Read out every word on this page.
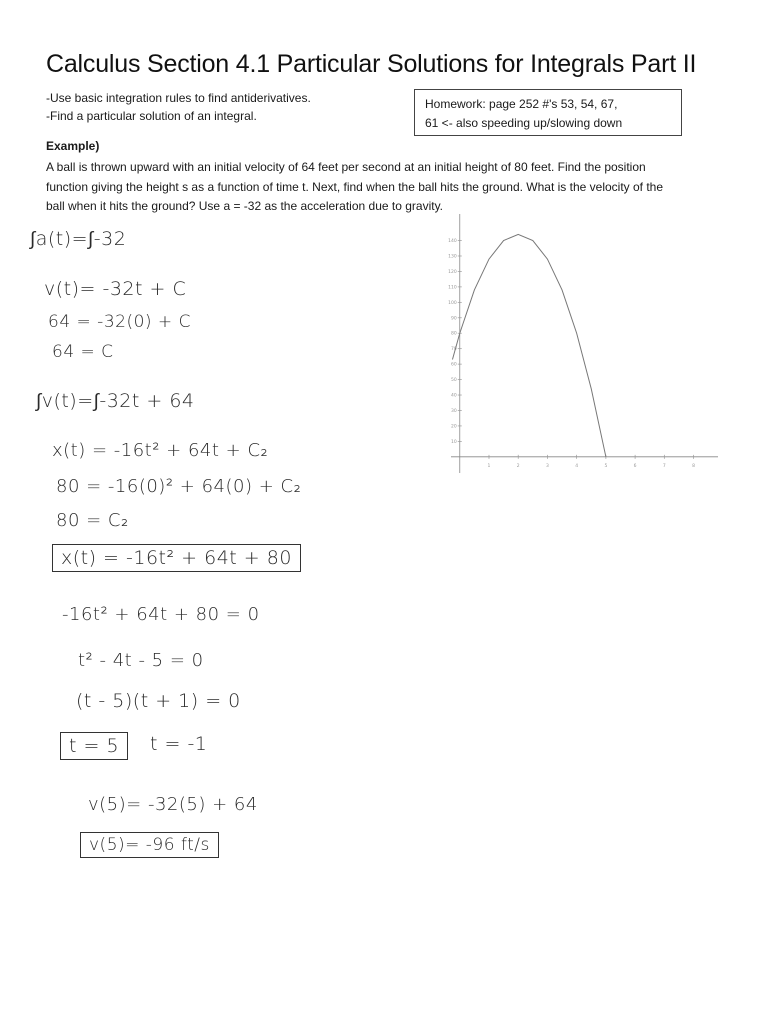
Calculus Section 4.1 Particular Solutions for Integrals Part II
-Use basic integration rules to find antiderivatives.
-Find a particular solution of an integral.
Homework: page 252 #'s 53, 54, 67,
61 <- also speeding up/slowing down
Example)
A ball is thrown upward with an initial velocity of 64 feet per second at an initial height of 80 feet. Find the position
function giving the height s as a function of time t. Next, find when the ball hits the ground. What is the velocity of the
ball when it hits the ground? Use a = -32 as the acceleration due to gravity.
∫a(t)=∫-32
v(t)= -32t + C
64 = -32(0) + C
64 = C
∫v(t)=∫-32t + 64
x(t) = -16t² + 64t + C₂
80 = -16(0)² + 64(0) + C₂
80 = C₂
x(t) = -16t² + 64t + 80
-16t² + 64t + 80 = 0
t² - 4t - 5 = 0
(t - 5)(t + 1) = 0
t = 5	t = -1
v(5)= -32(5) + 64
v(5)= -96 ft/s
1	2	3	4	5	6	7	8
10
20
30
40
50
60
70
80
90
100
110
120
130
140
